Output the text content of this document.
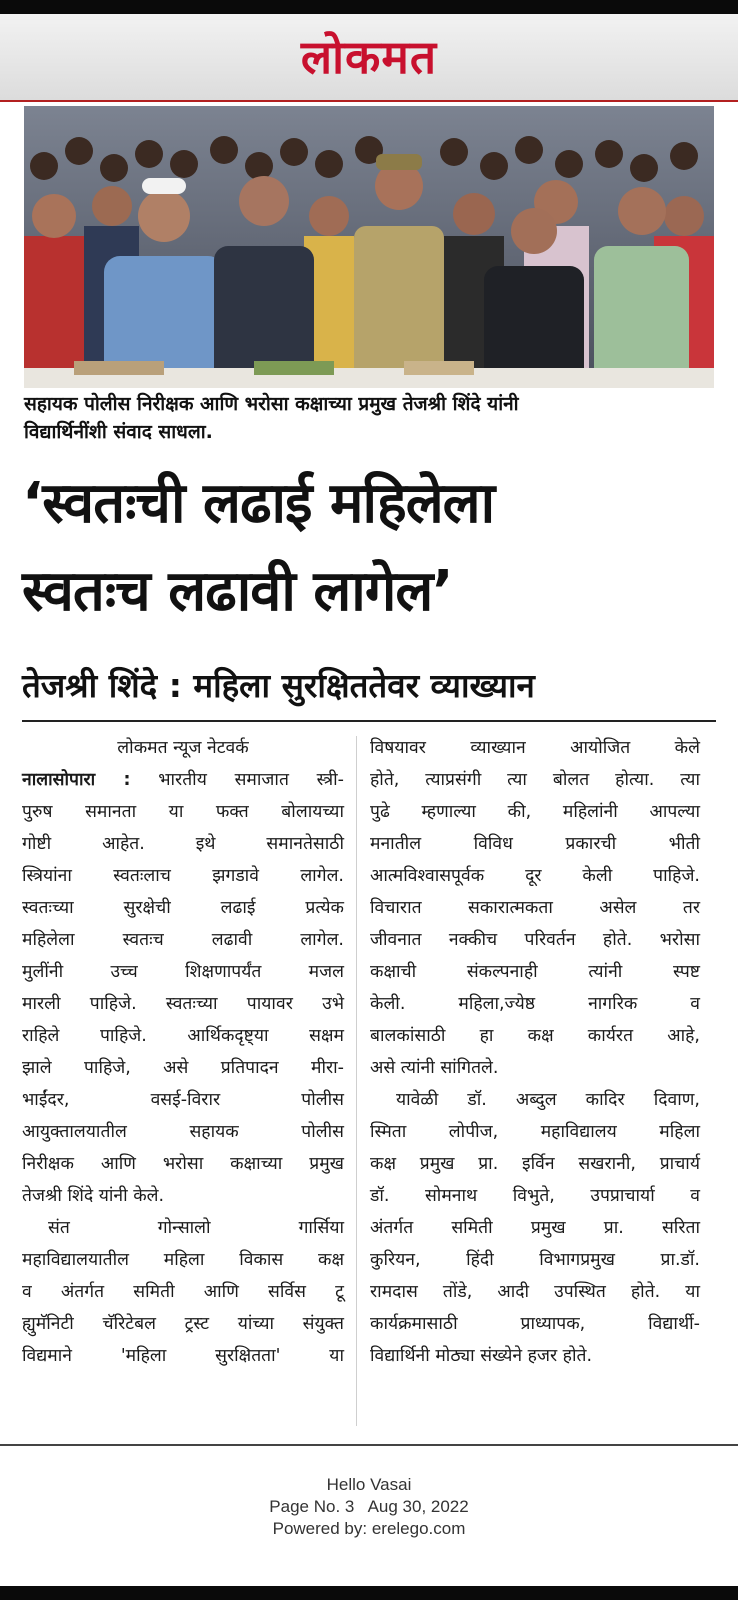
लोकमत
सहायक पोलीस निरीक्षक आणि भरोसा कक्षाच्या प्रमुख तेजश्री शिंदे यांनी
विद्यार्थिनींशी संवाद साधला.
‘स्वतःची लढाई महिलेला
स्वतःच लढावी लागेल’
तेजश्री शिंदे : महिला सुरक्षिततेवर व्याख्यान
लोकमत न्यूज नेटवर्क
नालासोपारा : भारतीय समाजात स्त्री-
पुरुष समानता या फक्त बोलायच्या
गोष्टी आहेत. इथे समानतेसाठी
स्त्रियांना स्वतःलाच झगडावे लागेल.
स्वतःच्या सुरक्षेची लढाई प्रत्येक
महिलेला स्वतःच लढावी लागेल.
मुलींनी उच्च शिक्षणापर्यंत मजल
मारली पाहिजे. स्वतःच्या पायावर उभे
राहिले पाहिजे. आर्थिकदृष्ट्या सक्षम
झाले पाहिजे, असे प्रतिपादन मीरा-
भाईंदर, वसई-विरार पोलीस
आयुक्तालयातील सहायक पोलीस
निरीक्षक आणि भरोसा कक्षाच्या प्रमुख
तेजश्री शिंदे यांनी केले.
संत गोन्सालो गार्सिया
महाविद्यालयातील महिला विकास कक्ष
व अंतर्गत समिती आणि सर्विस टू
ह्युमॅनिटी चॅरिटेबल ट्रस्ट यांच्या संयुक्त
विद्यमाने 'महिला सुरक्षितता' या
विषयावर व्याख्यान आयोजित केले
होते, त्याप्रसंगी त्या बोलत होत्या. त्या
पुढे म्हणाल्या की, महिलांनी आपल्या
मनातील विविध प्रकारची भीती
आत्मविश्वासपूर्वक दूर केली पाहिजे.
विचारात सकारात्मकता असेल तर
जीवनात नक्कीच परिवर्तन होते. भरोसा
कक्षाची संकल्पनाही त्यांनी स्पष्ट
केली. महिला,ज्येष्ठ नागरिक व
बालकांसाठी हा कक्ष कार्यरत आहे,
असे त्यांनी सांगितले.
यावेळी डॉ. अब्दुल कादिर दिवाण,
स्मिता लोपीज, महाविद्यालय महिला
कक्ष प्रमुख प्रा. इर्विन सखरानी, प्राचार्य
डॉ. सोमनाथ विभुते, उपप्राचार्या व
अंतर्गत समिती प्रमुख प्रा. सरिता
कुरियन, हिंदी विभागप्रमुख प्रा.डॉ.
रामदास तोंडे, आदी उपस्थित होते. या
कार्यक्रमासाठी प्राध्यापक, विद्यार्थी-
विद्यार्थिनी मोठ्या संख्येने हजर होते.
Hello Vasai
Page No. 3   Aug 30, 2022
Powered by: erelego.com
